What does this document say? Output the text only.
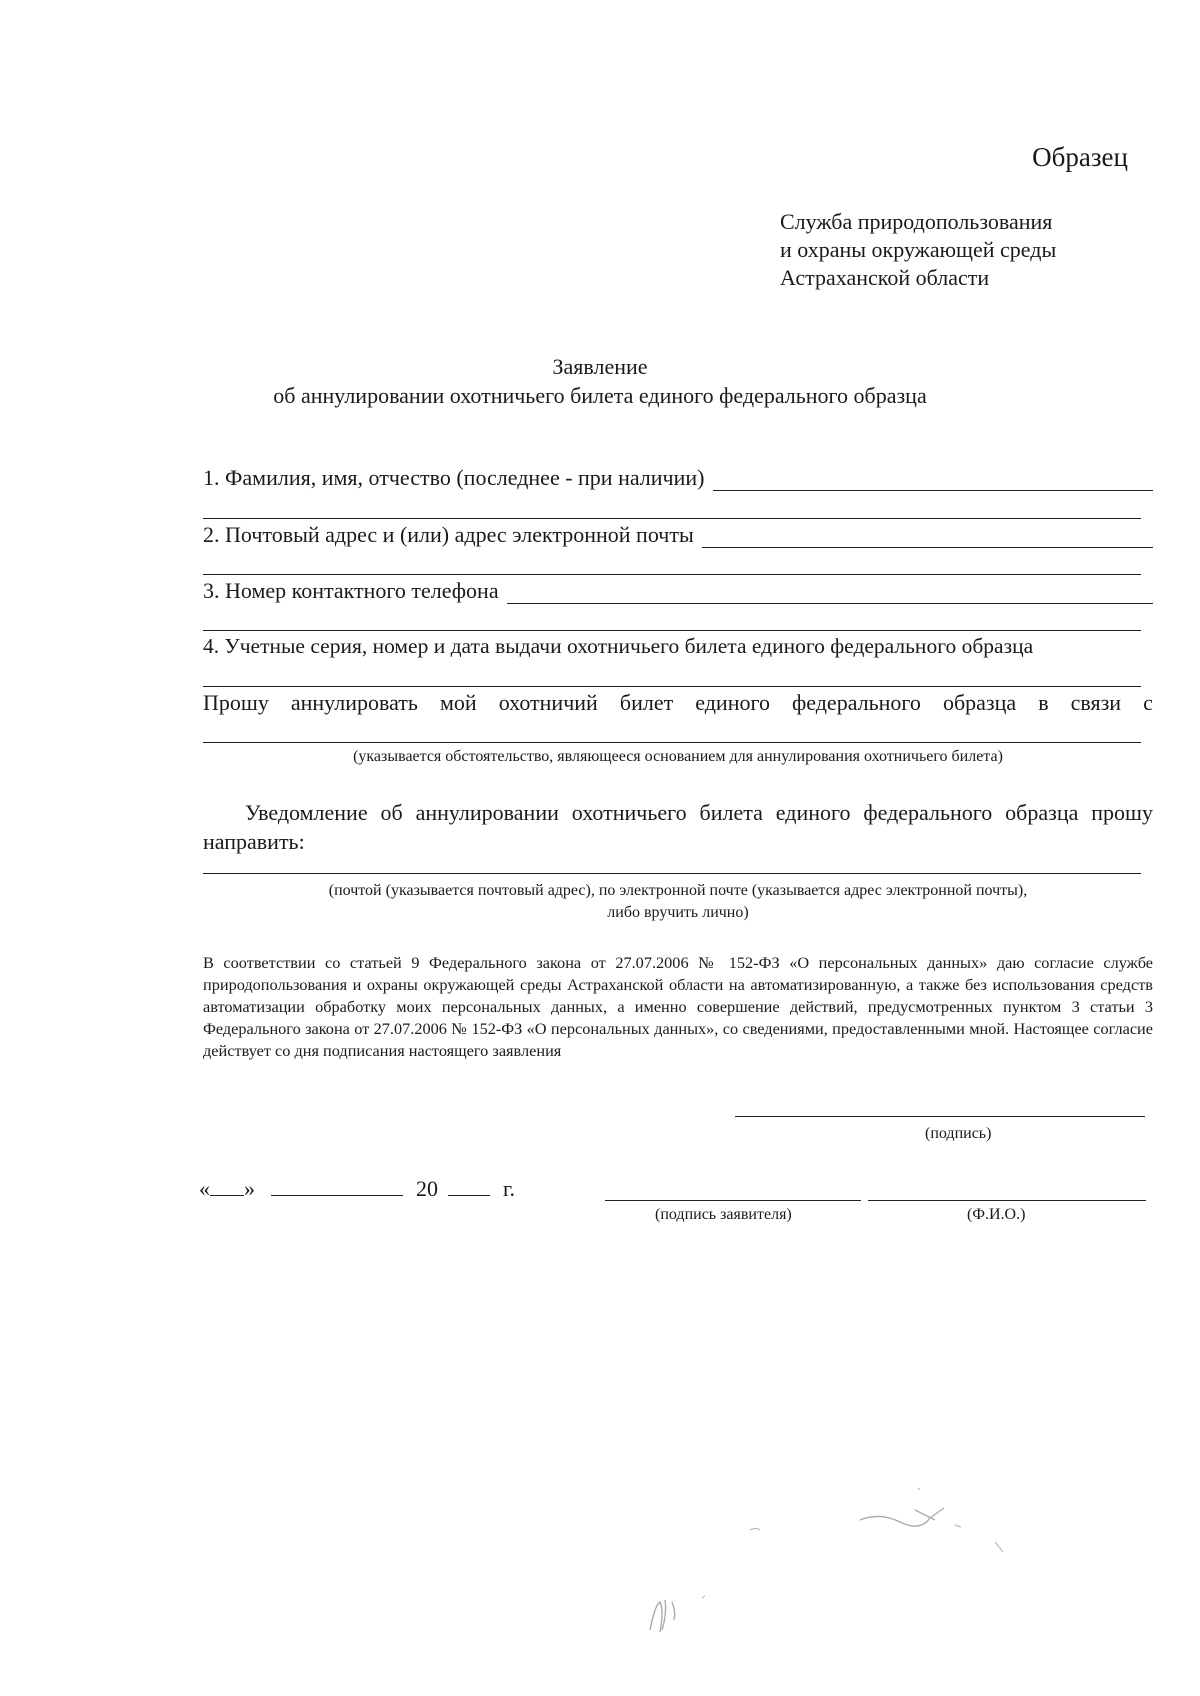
Образец
Служба природопользования
и охраны окружающей среды
Астраханской области
Заявление
об аннулировании охотничьего билета единого федерального образца
1. Фамилия, имя, отчество (последнее - при наличии)
2. Почтовый адрес и (или) адрес электронной почты
3. Номер контактного телефона
4. Учетные серия, номер и дата выдачи охотничьего билета единого федерального образца
Прошу аннулировать мой охотничий билет единого федерального образца в связи с
(указывается обстоятельство, являющееся основанием для аннулирования охотничьего билета)
Уведомление об аннулировании охотничьего билета единого федерального образца прошу направить:
(почтой (указывается почтовый адрес), по электронной почте (указывается адрес электронной почты),
либо вручить лично)
В соответствии со статьей 9 Федерального закона от 27.07.2006 № 152-ФЗ «О персональных данных» даю согласие службе природопользования и охраны окружающей среды Астраханской области на автоматизированную, а также без использования средств автоматизации обработку моих персональных данных, а именно совершение действий, предусмотренных пунктом 3 статьи 3 Федерального закона от 27.07.2006 № 152-ФЗ «О персональных данных», со сведениями, предоставленными мной. Настоящее согласие действует со дня подписания настоящего заявления
(подпись)
« »	20	г.
(подпись заявителя)	(Ф.И.О.)
